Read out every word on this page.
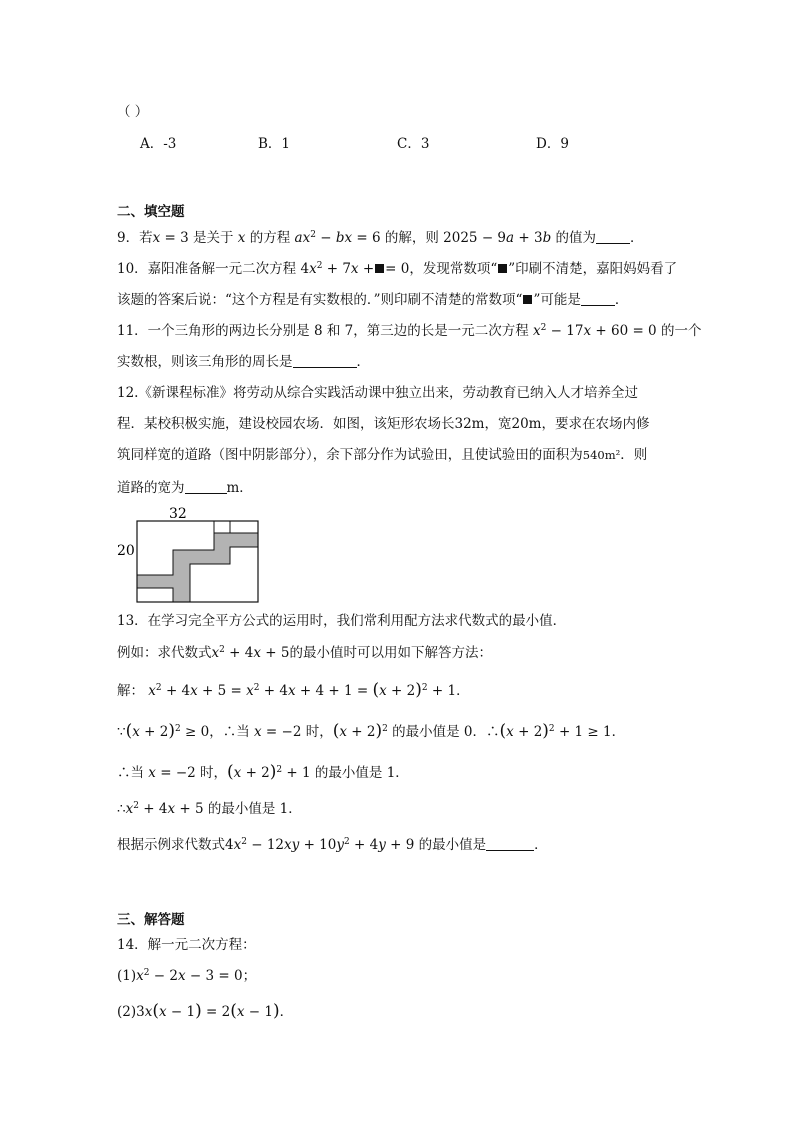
（ ）
A．-3	B．1	C．3	D．9
二、填空题
9．若x = 3 是关于 x 的方程 $ax^2$ − bx = 6 的解，则 2025 − 9a + 3b 的值为	．
10．嘉阳准备解一元二次方程 $4x^2 + 7x$ + = 0，发现常数项“ ”印刷不清楚，嘉阳妈妈看了
该题的答案后说：“这个方程是有实数根的．”则印刷不清楚的常数项“ ”可能是	．
11．一个三角形的两边长分别是 8 和 7，第三边的长是一元二次方程 $x^2 - 17x + 60 = 0$ 的一个
实数根，则该三角形的周长是	．
12.《新课程标准》将劳动从综合实践活动课中独立出来，劳动教育已纳入人才培养全过
程．某校积极实施，建设校园农场．如图，该矩形农场长32m，宽20m，要求在农场内修
筑同样宽的道路（图中阴影部分），余下部分作为试验田，且使试验田的面积为540m²．则
道路的宽为	m．
32
20
13．在学习完全平方公式的运用时，我们常利用配方法求代数式的最小值．
例如：求代数式$x^2 + 4x + 5$的最小值时可以用如下解答方法：
解： $x^2 + 4x + 5 = x^2 + 4x + 4 + 1 = (x + 2)^2 + 1$．
∵(x + 2)$^2$ ≥ 0，∴当 x = −2 时，$(x + 2)^2$ 的最小值是 0．∴(x + 2)$^2$ + 1 ≥ 1．
∴当 x = −2 时，$(x + 2)^2 + 1$ 的最小值是 1．
$\therefore x^2 + 4x + 5$ 的最小值是 1．
根据示例求代数式$4x^2 - 12xy + 10y^2 + 4y + 9$ 的最小值是	．
三、解答题
14．解一元二次方程：
$(1)x^2 - 2x - 3 = 0$；
(2)3x(x − 1) = 2(x − 1)．
